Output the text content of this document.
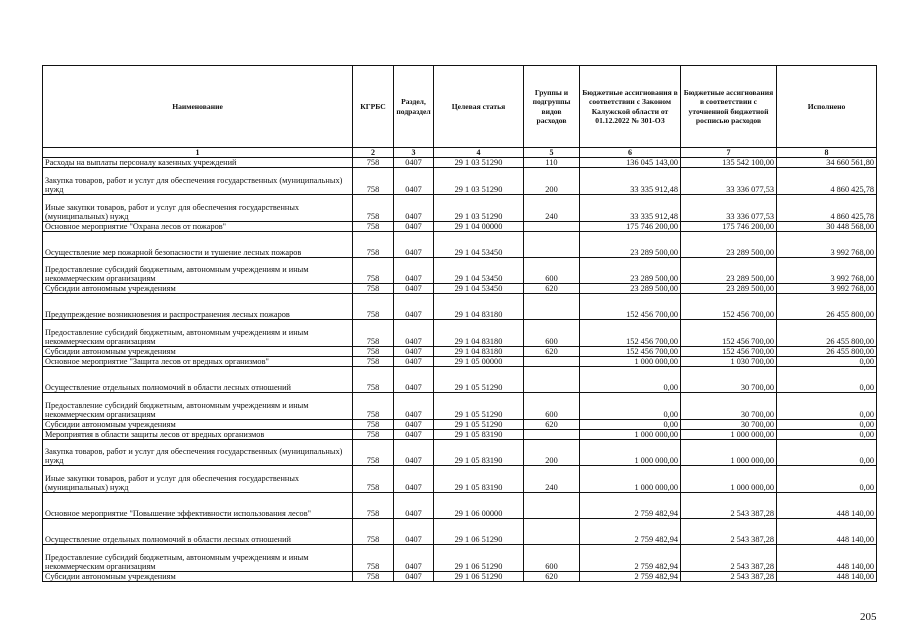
Наименование	КГРБС	Раздел, подраздел	Целевая статья	Группы и подгруппы видов расходов	Бюджетные ассигнования в соответствии с Законом Калужской области от 01.12.2022 № 301-ОЗ	Бюджетные ассигнования в соответствии с уточненной бюджетной росписью расходов	Исполнено
1	2	3	4	5	6	7	8
Расходы на выплаты персоналу казенных учреждений	758	0407	29 1 03 51290	110	136 045 143,00	135 542 100,00	34 660 561,80
Закупка товаров, работ и услуг для обеспечения государственных (муниципальных) нужд	758	0407	29 1 03 51290	200	33 335 912,48	33 336 077,53	4 860 425,78
Иные закупки товаров, работ и услуг для обеспечения государственных (муниципальных) нужд	758	0407	29 1 03 51290	240	33 335 912,48	33 336 077,53	4 860 425,78
Основное мероприятие "Охрана лесов от пожаров"	758	0407	29 1 04 00000		175 746 200,00	175 746 200,00	30 448 568,00
Осуществление мер пожарной безопасности и тушение лесных пожаров	758	0407	29 1 04 53450		23 289 500,00	23 289 500,00	3 992 768,00
Предоставление субсидий бюджетным, автономным учреждениям и иным некоммерческим организациям	758	0407	29 1 04 53450	600	23 289 500,00	23 289 500,00	3 992 768,00
Субсидии автономным учреждениям	758	0407	29 1 04 53450	620	23 289 500,00	23 289 500,00	3 992 768,00
Предупреждение возникновения и распространения лесных пожаров	758	0407	29 1 04 83180		152 456 700,00	152 456 700,00	26 455 800,00
Предоставление субсидий бюджетным, автономным учреждениям и иным некоммерческим организациям	758	0407	29 1 04 83180	600	152 456 700,00	152 456 700,00	26 455 800,00
Субсидии автономным учреждениям	758	0407	29 1 04 83180	620	152 456 700,00	152 456 700,00	26 455 800,00
Основное мероприятие "Защита лесов от вредных организмов"	758	0407	29 1 05 00000		1 000 000,00	1 030 700,00	0,00
Осуществление отдельных полномочий в области лесных отношений	758	0407	29 1 05 51290		0,00	30 700,00	0,00
Предоставление субсидий бюджетным, автономным учреждениям и иным некоммерческим организациям	758	0407	29 1 05 51290	600	0,00	30 700,00	0,00
Субсидии автономным учреждениям	758	0407	29 1 05 51290	620	0,00	30 700,00	0,00
Мероприятия в области защиты лесов от вредных организмов	758	0407	29 1 05 83190		1 000 000,00	1 000 000,00	0,00
Закупка товаров, работ и услуг для обеспечения государственных (муниципальных) нужд	758	0407	29 1 05 83190	200	1 000 000,00	1 000 000,00	0,00
Иные закупки товаров, работ и услуг для обеспечения государственных (муниципальных) нужд	758	0407	29 1 05 83190	240	1 000 000,00	1 000 000,00	0,00
Основное мероприятие "Повышение эффективности использования лесов"	758	0407	29 1 06 00000		2 759 482,94	2 543 387,28	448 140,00
Осуществление отдельных полномочий в области лесных отношений	758	0407	29 1 06 51290		2 759 482,94	2 543 387,28	448 140,00
Предоставление субсидий бюджетным, автономным учреждениям и иным некоммерческим организациям	758	0407	29 1 06 51290	600	2 759 482,94	2 543 387,28	448 140,00
Субсидии автономным учреждениям	758	0407	29 1 06 51290	620	2 759 482,94	2 543 387,28	448 140,00
205
